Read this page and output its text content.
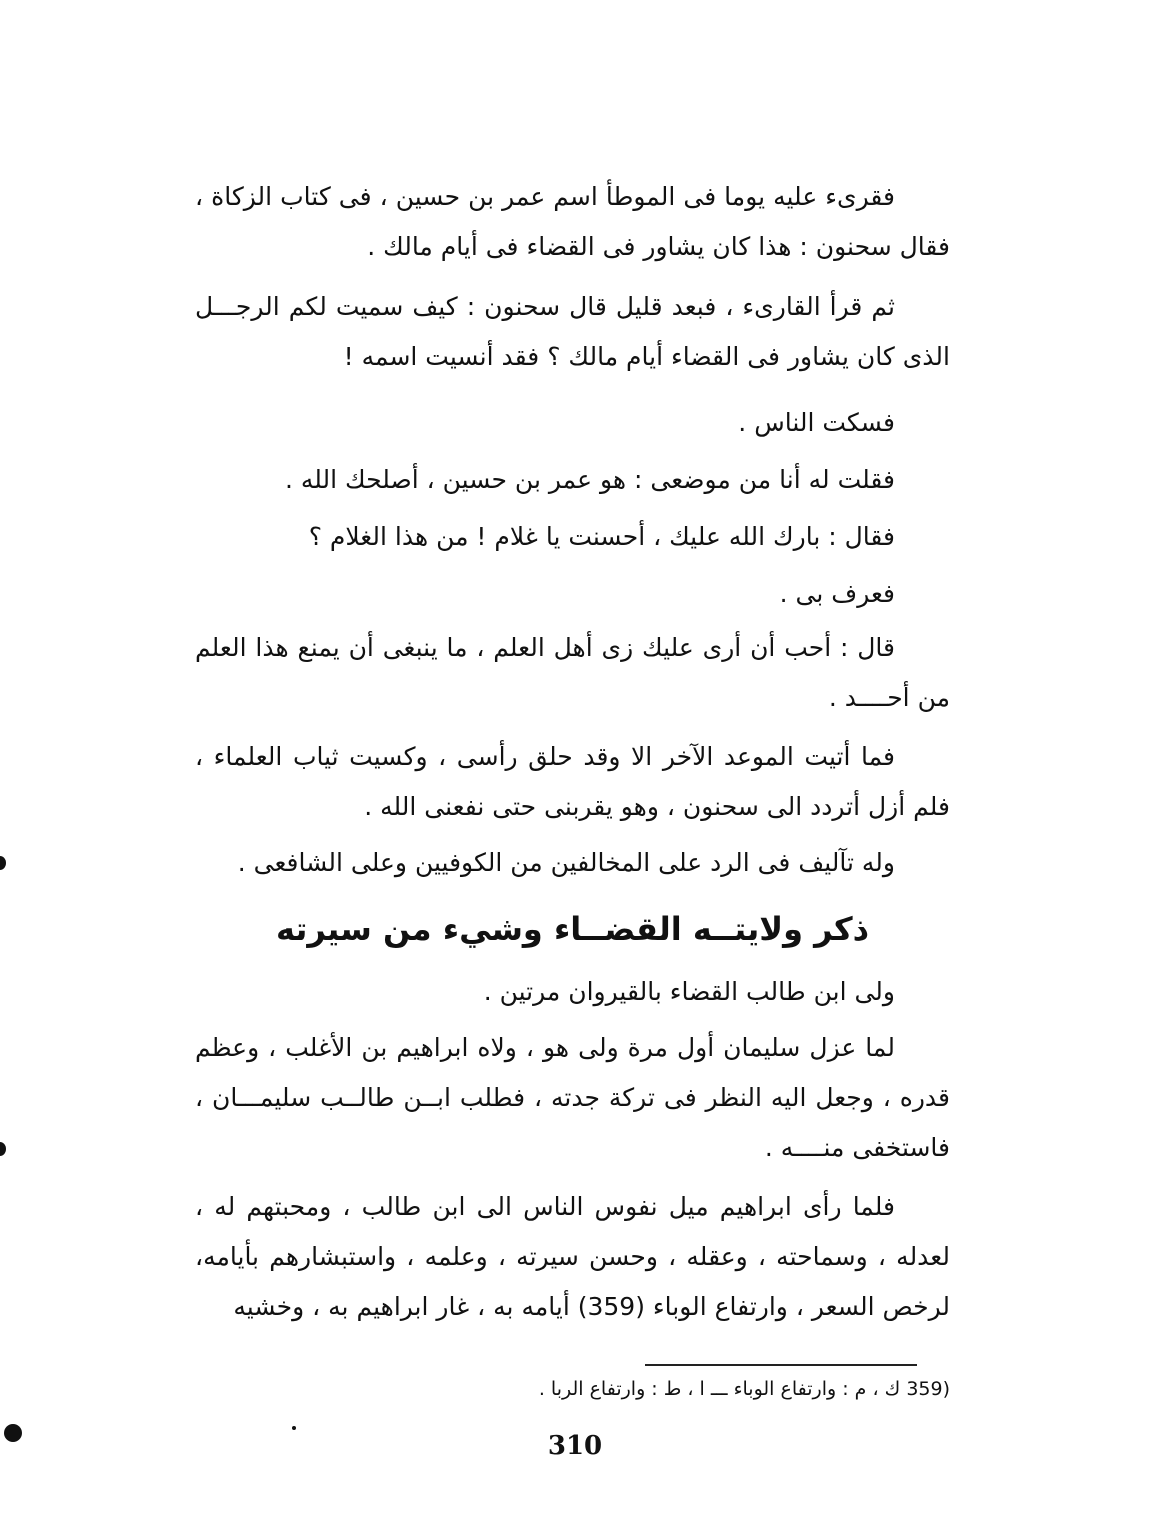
فقرىء عليه يوما فى الموطأ اسم عمر بن حسين ، فى كتاب الزكاة ، فقال سحنون : هذا كان يشاور فى القضاء فى أيام مالك .

ثم قرأ القارىء ، فبعد قليل قال سحنون : كيف سميت لكم الرجـــل الذى كان يشاور فى القضاء أيام مالك ؟ فقد أنسيت اسمه !

فسكت الناس .

فقلت له أنا من موضعى : هو عمر بن حسين ، أصلحك الله .

فقال : بارك الله عليك ، أحسنت يا غلام ! من هذا الغلام ؟

فعرف بى .

قال : أحب أن أرى عليك زى أهل العلم ، ما ينبغى أن يمنع هذا العلم من أحــــد .

فما أتيت الموعد الآخر الا وقد حلق رأسى ، وكسيت ثياب العلماء ، فلم أزل أتردد الى سحنون ، وهو يقربنى حتى نفعنى الله .

وله تآليف فى الرد على المخالفين من الكوفيين وعلى الشافعى .

ذكر ولايتــه القضــاء وشيء من سيرته

ولى ابن طالب القضاء بالقيروان مرتين .

لما عزل سليمان أول مرة ولى هو ، ولاه ابراهيم بن الأغلب ، وعظم قدره ، وجعل اليه النظر فى تركة جدته ، فطلب ابــن طالــب سليمـــان ، فاستخفى منــــه .

فلما رأى ابراهيم ميل نفوس الناس الى ابن طالب ، ومحبتهم له ، لعدله ، وسماحته ، وعقله ، وحسن سيرته ، وعلمه ، واستبشارهم بأيامه، لرخص السعر ، وارتفاع الوباء (359) أيامه به ، غار ابراهيم به ، وخشيه

(359 ك ، م : وارتفاع الوباء ـــ ا ، ط : وارتفاع الربا .

310
